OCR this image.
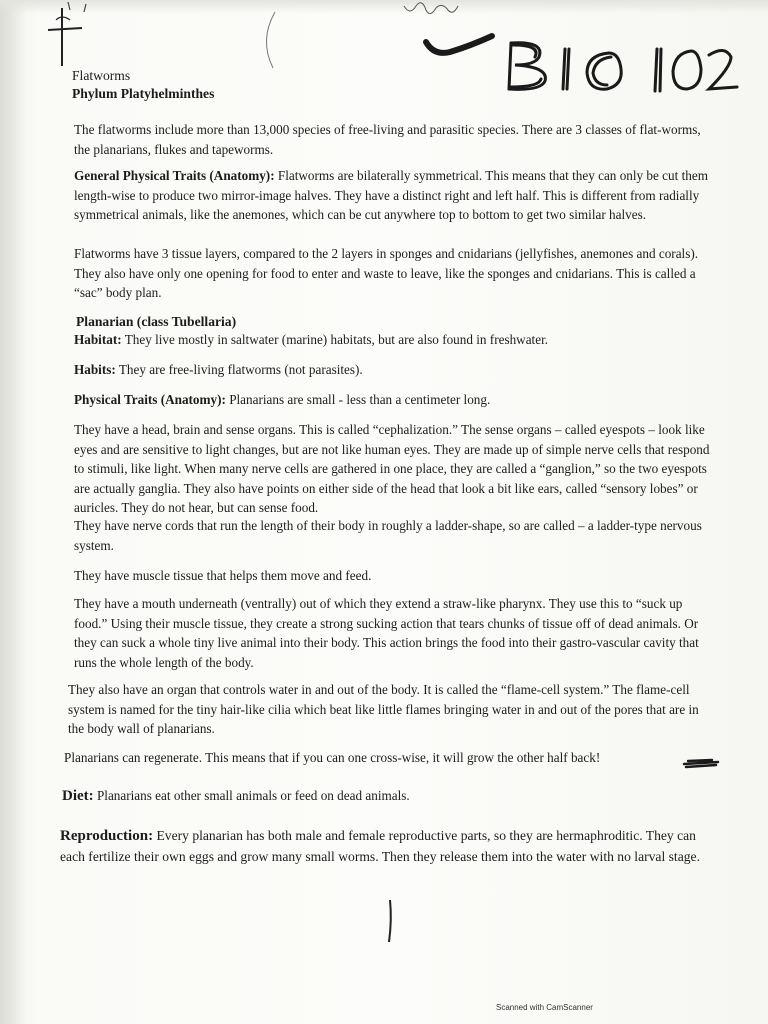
Flatworms
Phylum Platyhelminthes

The flatworms include more than 13,000 species of free-living and parasitic species. There are 3 classes of flat-worms, the planarians, flukes and tapeworms.

General Physical Traits (Anatomy): Flatworms are bilaterally symmetrical. This means that they can only be cut them length-wise to produce two mirror-image halves. They have a distinct right and left half. This is different from radially symmetrical animals, like the anemones, which can be cut anywhere top to bottom to get two similar halves.

Flatworms have 3 tissue layers, compared to the 2 layers in sponges and cnidarians (jellyfishes, anemones and corals). They also have only one opening for food to enter and waste to leave, like the sponges and cnidarians. This is called a “sac” body plan.

Planarian (class Tubellaria)

Habitat: They live mostly in saltwater (marine) habitats, but are also found in freshwater.

Habits: They are free-living flatworms (not parasites).

Physical Traits (Anatomy): Planarians are small - less than a centimeter long.

They have a head, brain and sense organs. This is called “cephalization.” The sense organs – called eyespots – look like eyes and are sensitive to light changes, but are not like human eyes. They are made up of simple nerve cells that respond to stimuli, like light. When many nerve cells are gathered in one place, they are called a “ganglion,” so the two eyespots are actually ganglia. They also have points on either side of the head that look a bit like ears, called “sensory lobes” or auricles. They do not hear, but can sense food.

They have nerve cords that run the length of their body in roughly a ladder-shape, so are called – a ladder-type nervous system.

They have muscle tissue that helps them move and feed.

They have a mouth underneath (ventrally) out of which they extend a straw-like pharynx. They use this to “suck up food.” Using their muscle tissue, they create a strong sucking action that tears chunks of tissue off of dead animals. Or they can suck a whole tiny live animal into their body. This action brings the food into their gastro-vascular cavity that runs the whole length of the body.

They also have an organ that controls water in and out of the body. It is called the “flame-cell system.” The flame-cell system is named for the tiny hair-like cilia which beat like little flames bringing water in and out of the pores that are in the body wall of planarians.

Planarians can regenerate. This means that if you can one cross-wise, it will grow the other half back!

Diet: Planarians eat other small animals or feed on dead animals.

Reproduction: Every planarian has both male and female reproductive parts, so they are hermaphroditic. They can each fertilize their own eggs and grow many small worms. Then they release them into the water with no larval stage.

Scanned with CamScanner
